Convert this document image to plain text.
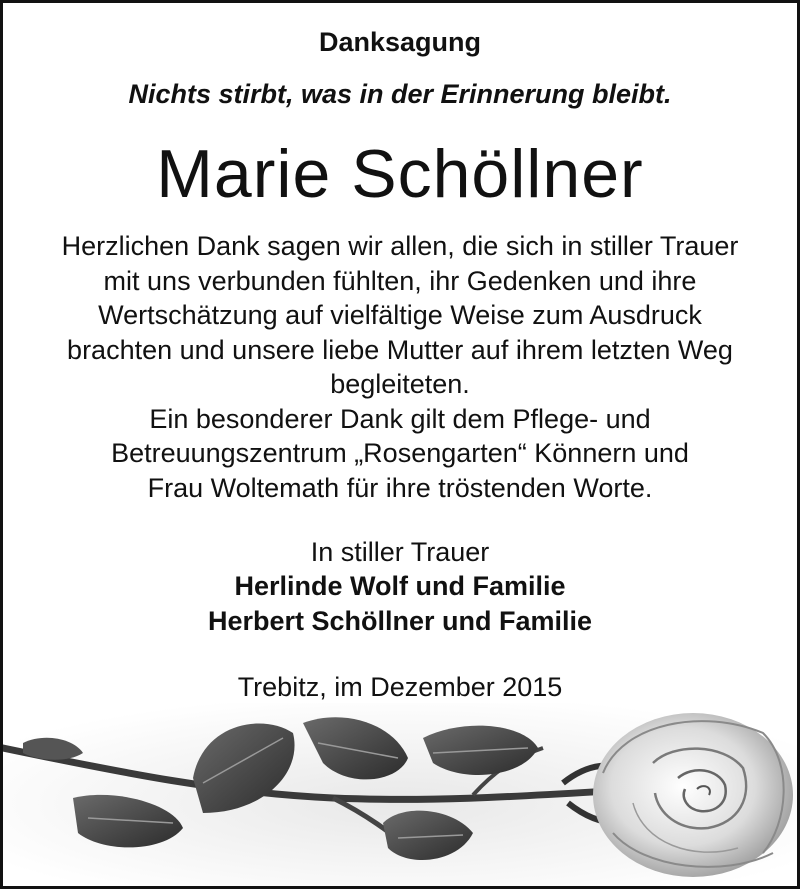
Danksagung
Nichts stirbt, was in der Erinnerung bleibt.
Marie Schöllner
Herzlichen Dank sagen wir allen, die sich in stiller Trauer
mit uns verbunden fühlten, ihr Gedenken und ihre
Wertschätzung auf vielfältige Weise zum Ausdruck
brachten und unsere liebe Mutter auf ihrem letzten Weg
begleiteten.
Ein besonderer Dank gilt dem Pflege- und
Betreuungszentrum „Rosengarten“ Könnern und
Frau Woltemath für ihre tröstenden Worte.
In stiller Trauer
Herlinde Wolf und Familie
Herbert Schöllner und Familie
Trebitz, im Dezember 2015
